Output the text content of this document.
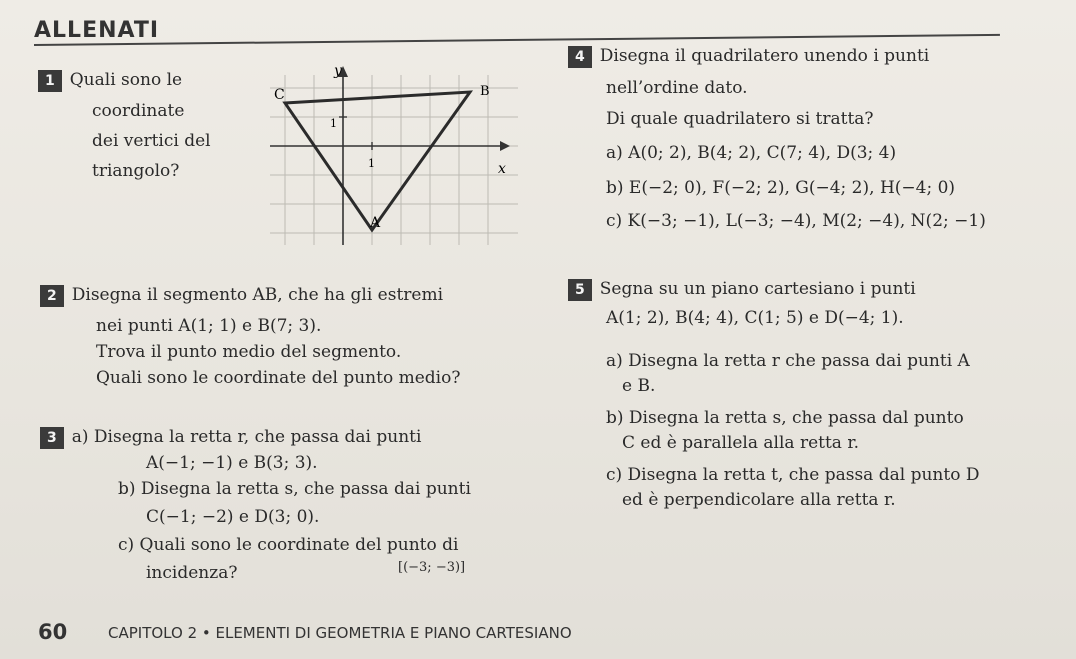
ALLENATI
1 Quali sono le
coordinate
dei vertici del
triangolo?
y
x
C	B
A
1
1
4 Disegna il quadrilatero unendo i punti
nell’ordine dato.
Di quale quadrilatero si tratta?
a) A(0; 2), B(4; 2), C(7; 4), D(3; 4)
b) E(−2; 0), F(−2; 2), G(−4; 2), H(−4; 0)
c) K(−3; −1), L(−3; −4), M(2; −4), N(2; −1)
2 Disegna il segmento AB, che ha gli estremi
nei punti A(1; 1) e B(7; 3).
Trova il punto medio del segmento.
Quali sono le coordinate del punto medio?
5 Segna su un piano cartesiano i punti
A(1; 2), B(4; 4), C(1; 5) e D(−4; 1).
a) Disegna la retta r che passa dai punti A
e B.
b) Disegna la retta s, che passa dal punto
C ed è parallela alla retta r.
c) Disegna la retta t, che passa dal punto D
ed è perpendicolare alla retta r.
3 a) Disegna la retta r, che passa dai punti
A(−1; −1) e B(3; 3).
b) Disegna la retta s, che passa dai punti
C(−1; −2) e D(3; 0).
c) Quali sono le coordinate del punto di
incidenza?	[(−3; −3)]
60	CAPITOLO 2 • ELEMENTI DI GEOMETRIA E PIANO CARTESIANO
